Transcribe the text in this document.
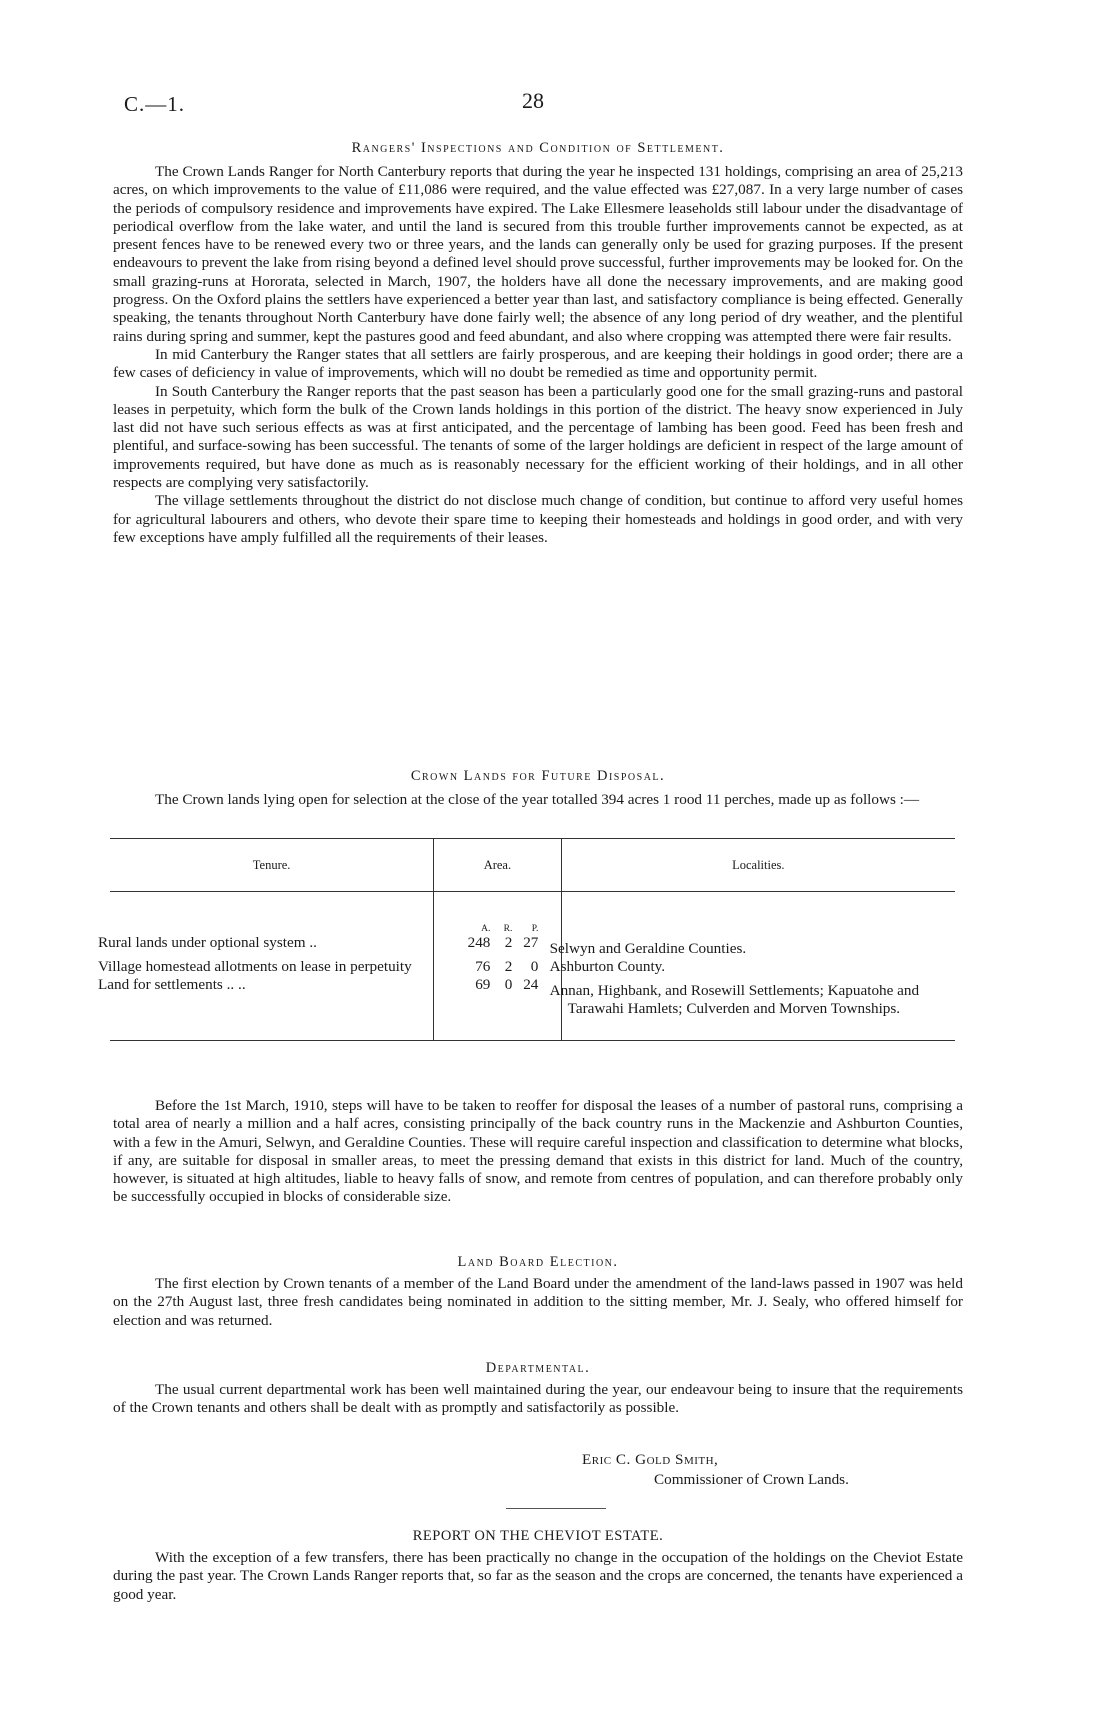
C.—1.	28
Rangers' Inspections and Condition of Settlement.

The Crown Lands Ranger for North Canterbury reports that during the year he inspected 131 holdings, comprising an area of 25,213 acres, on which improvements to the value of £11,086 were required, and the value effected was £27,087. In a very large number of cases the periods of compulsory residence and improvements have expired. The Lake Ellesmere leaseholds still labour under the disadvantage of periodical overflow from the lake water, and until the land is secured from this trouble further improvements cannot be expected, as at present fences have to be renewed every two or three years, and the lands can generally only be used for grazing purposes. If the present endeavours to prevent the lake from rising beyond a defined level should prove successful, further improvements may be looked for. On the small grazing-runs at Hororata, selected in March, 1907, the holders have all done the necessary improvements, and are making good progress. On the Oxford plains the settlers have experienced a better year than last, and satisfactory compliance is being effected. Generally speaking, the tenants throughout North Canterbury have done fairly well; the absence of any long period of dry weather, and the plentiful rains during spring and summer, kept the pastures good and feed abundant, and also where cropping was attempted there were fair results.

In mid Canterbury the Ranger states that all settlers are fairly prosperous, and are keeping their holdings in good order; there are a few cases of deficiency in value of improvements, which will no doubt be remedied as time and opportunity permit.

In South Canterbury the Ranger reports that the past season has been a particularly good one for the small grazing-runs and pastoral leases in perpetuity, which form the bulk of the Crown lands holdings in this portion of the district. The heavy snow experienced in July last did not have such serious effects as was at first anticipated, and the percentage of lambing has been good. Feed has been fresh and plentiful, and surface-sowing has been successful. The tenants of some of the larger holdings are deficient in respect of the large amount of improvements required, but have done as much as is reasonably necessary for the efficient working of their holdings, and in all other respects are complying very satisfactorily.

The village settlements throughout the district do not disclose much change of condition, but continue to afford very useful homes for agricultural labourers and others, who devote their spare time to keeping their homesteads and holdings in good order, and with very few exceptions have amply fulfilled all the requirements of their leases.

Crown Lands for Future Disposal.

The Crown lands lying open for selection at the close of the year totalled 394 acres 1 rood 11 perches, made up as follows :—

Tenure.	Area.	Localities.
	A. R. P.	
Rural lands under optional system ..	248 2 27	Selwyn and Geraldine Counties.
Village homestead allotments on lease in perpetuity	76 2 0	Ashburton County.
Land for settlements .. ..	69 0 24	Annan, Highbank, and Rosewill Settlements; Kapuatohe and Tarawahi Hamlets; Culverden and Morven Townships.

Before the 1st March, 1910, steps will have to be taken to reoffer for disposal the leases of a number of pastoral runs, comprising a total area of nearly a million and a half acres, consisting principally of the back country runs in the Mackenzie and Ashburton Counties, with a few in the Amuri, Selwyn, and Geraldine Counties. These will require careful inspection and classification to determine what blocks, if any, are suitable for disposal in smaller areas, to meet the pressing demand that exists in this district for land. Much of the country, however, is situated at high altitudes, liable to heavy falls of snow, and remote from centres of population, and can therefore probably only be successfully occupied in blocks of considerable size.

Land Board Election.

The first election by Crown tenants of a member of the Land Board under the amendment of the land-laws passed in 1907 was held on the 27th August last, three fresh candidates being nominated in addition to the sitting member, Mr. J. Sealy, who offered himself for election and was returned.

Departmental.

The usual current departmental work has been well maintained during the year, our endeavour being to insure that the requirements of the Crown tenants and others shall be dealt with as promptly and satisfactorily as possible.

Eric C. Gold Smith,
Commissioner of Crown Lands.
REPORT ON THE CHEVIOT ESTATE.

With the exception of a few transfers, there has been practically no change in the occupation of the holdings on the Cheviot Estate during the past year. The Crown Lands Ranger reports that, so far as the season and the crops are concerned, the tenants have experienced a good year.
